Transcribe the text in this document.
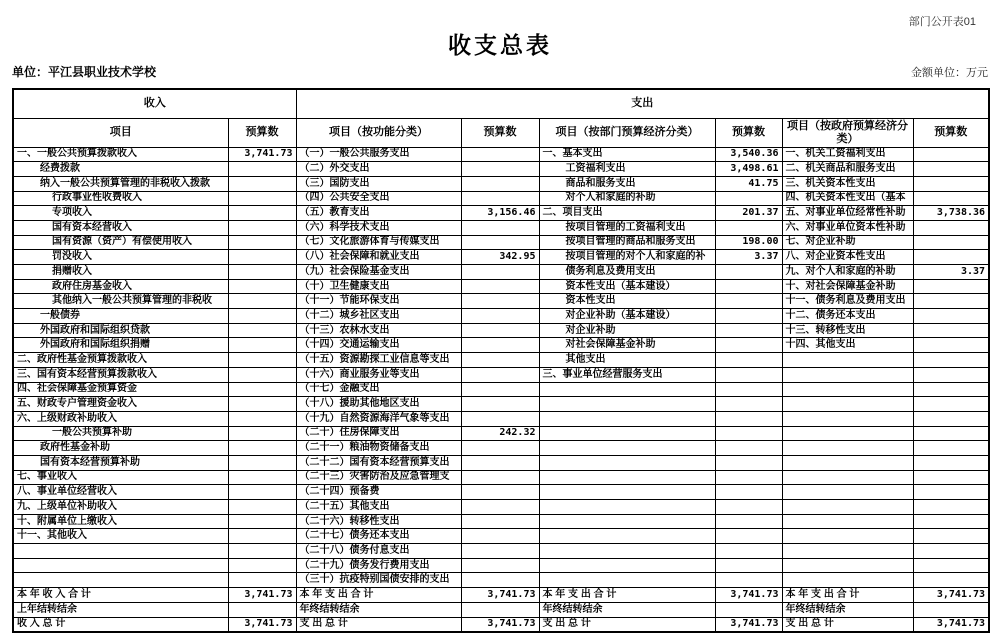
部门公开表01
收支总表
单位：平江县职业技术学校	金额单位：万元
收入		支出					
项目	预算数	项目（按功能分类）	预算数	项目（按部门预算经济分类）	预算数	项目（按政府预算经济分类）	预算数
一、一般公共预算拨款收入	3,741.73	（一）一般公共服务支出		一、基本支出	3,540.36	一、机关工资福利支出	
经费拨款		（二）外交支出		工资福利支出	3,498.61	二、机关商品和服务支出	
纳入一般公共预算管理的非税收入拨款		（三）国防支出		商品和服务支出	41.75	三、机关资本性支出	
行政事业性收费收入		（四）公共安全支出		对个人和家庭的补助		四、机关资本性支出（基本	
专项收入		（五）教育支出	3,156.46	二、项目支出	201.37	五、对事业单位经常性补助	3,738.36
国有资本经营收入		（六）科学技术支出		按项目管理的工资福利支出		六、对事业单位资本性补助	
国有资源（资产）有偿使用收入		（七）文化旅游体育与传媒支出		按项目管理的商品和服务支出	198.00	七、对企业补助	
罚没收入		（八）社会保障和就业支出	342.95	按项目管理的对个人和家庭的补	3.37	八、对企业资本性支出	
捐赠收入		（九）社会保险基金支出		债务利息及费用支出		九、对个人和家庭的补助	3.37
政府住房基金收入		（十）卫生健康支出		资本性支出（基本建设）		十、对社会保障基金补助	
其他纳入一般公共预算管理的非税收		（十一）节能环保支出		资本性支出		十一、债务利息及费用支出	
一般债券		（十二）城乡社区支出		对企业补助（基本建设）		十二、债务还本支出	
外国政府和国际组织贷款		（十三）农林水支出		对企业补助		十三、转移性支出	
外国政府和国际组织捐赠		（十四）交通运输支出		对社会保障基金补助		十四、其他支出	
二、政府性基金预算拨款收入		（十五）资源勘探工业信息等支出		其他支出			
三、国有资本经营预算拨款收入		（十六）商业服务业等支出		三、事业单位经营服务支出			
四、社会保障基金预算资金		（十七）金融支出					
五、财政专户管理资金收入		（十八）援助其他地区支出					
六、上级财政补助收入		（十九）自然资源海洋气象等支出					
一般公共预算补助		（二十）住房保障支出	242.32				
政府性基金补助		（二十一）粮油物资储备支出					
国有资本经营预算补助		（二十二）国有资本经营预算支出					
七、事业收入		（二十三）灾害防治及应急管理支					
八、事业单位经营收入		（二十四）预备费					
九、上级单位补助收入		（二十五）其他支出					
十、附属单位上缴收入		（二十六）转移性支出					
十一、其他收入		（二十七）债务还本支出					
		（二十八）债务付息支出					
		（二十九）债务发行费用支出					
		（三十）抗疫特别国债安排的支出					
本 年 收 入 合 计	3,741.73	本 年 支 出 合 计	3,741.73	本 年 支 出 合 计	3,741.73	本 年 支 出 合 计	3,741.73
上年结转结余		年终结转结余		年终结转结余		年终结转结余	
收 入 总 计	3,741.73	支 出 总 计	3,741.73	支 出 总 计	3,741.73	支 出 总 计	3,741.73
